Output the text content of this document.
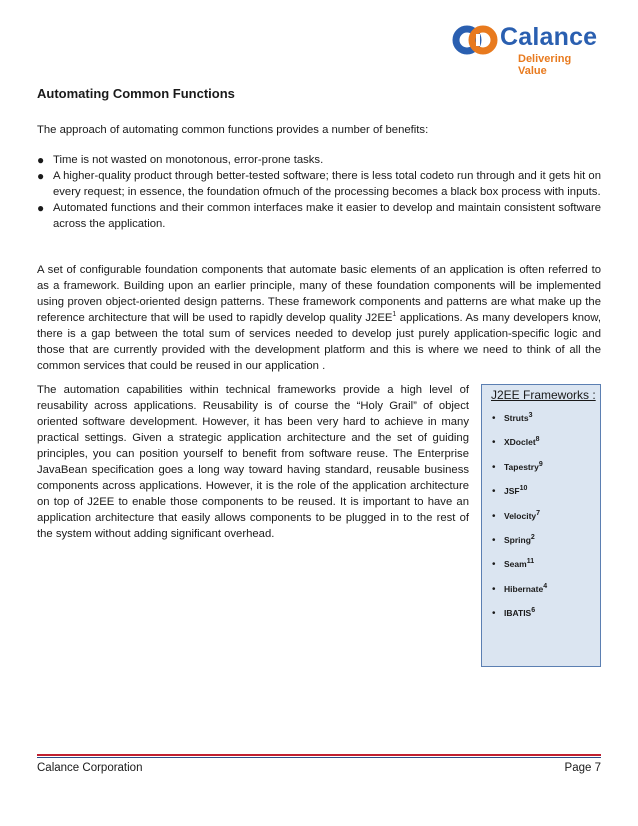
Calance
Delivering Value
Automating Common Functions

The approach of automating common functions provides a number of benefits:

● Time is not wasted on monotonous, error-prone tasks.
● A higher-quality product through better-tested software; there is less total codeto run through and it gets hit on every request; in essence, the foundation ofmuch of the processing becomes a black box process with inputs.
● Automated functions and their common interfaces make it easier to develop and maintain consistent software across the application.

A set of configurable foundation components that automate basic elements of an application is often referred to as a framework. Building upon an earlier principle, many of these foundation components will be implemented using proven object-oriented design patterns. These framework components and patterns are what make up the reference architecture that will be used to rapidly develop quality $J2EE^1$ applications. As many developers know, there is a gap between the total sum of services needed to develop just purely application-specific logic and those that are currently provided with the development platform and this is where we need to think of all the common services that could be reused in our application .

The automation capabilities within technical frameworks provide a high level of reusability across applications. Reusability is of course the “Holy Grail” of object oriented software development. However, it has been very hard to achieve in many practical settings. Given a strategic application architecture and the set of guiding principles, you can position yourself to benefit from software reuse. The Enterprise JavaBean specification goes a long way toward having standard, reusable business components across applications. However, it is the role of the application architecture on top of J2EE to enable those components to be reused. It is important to have an application architecture that easily allows components to be plugged in to the rest of the system without adding significant overhead.

J2EE Frameworks :
• Struts$^3$
• XDoclet$^8$
• Tapestry$^9$
• JSF$^{10}$
• Velocity$^7$
• Spring$^2$
• Seam$^{11}$
• Hibernate$^4$
• IBATIS$^6$
Calance Corporation	Page 7
